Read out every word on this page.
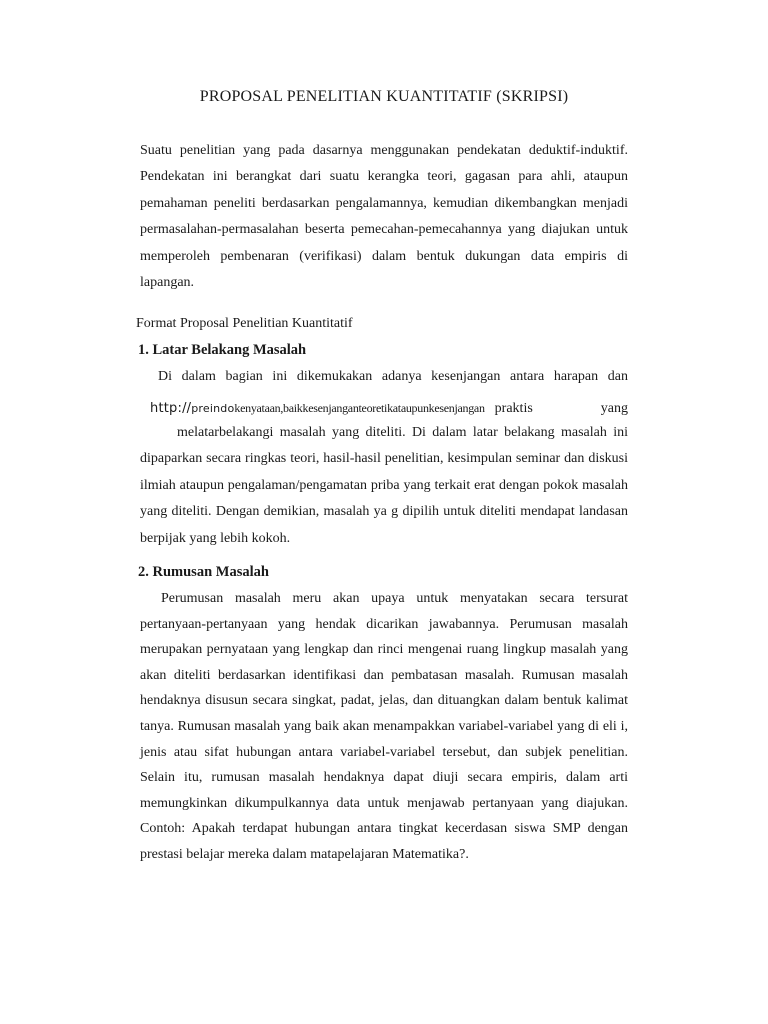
PROPOSAL PENELITIAN KUANTITATIF (SKRIPSI)

Suatu penelitian yang pada dasarnya menggunakan pendekatan deduktif-induktif. Pendekatan ini berangkat dari suatu kerangka teori, gagasan para ahli, ataupun pemahaman peneliti berdasarkan pengalamannya, kemudian dikembangkan menjadi permasalahan-permasalahan beserta pemecahan-pemecahannya yang diajukan untuk memperoleh pembenaran (verifikasi) dalam bentuk dukungan data empiris di lapangan.

Format Proposal Penelitian Kuantitatif

1. Latar Belakang Masalah

Di dalam bagian ini dikemukakan adanya kesenjangan antara harapan dan

http://preindo kenyataan,baikkesenjanganteoretikataupunkesenjangan praktis	yang

melatarbelakangi masalah yang diteliti. Di dalam latar belakang masalah ini dipaparkan secara ringkas teori, hasil-hasil penelitian, kesimpulan seminar dan diskusi ilmiah ataupun pengalaman/pengamatan priba yang terkait erat dengan pokok masalah yang diteliti. Dengan demikian, masalah ya g dipilih untuk diteliti mendapat landasan berpijak yang lebih kokoh.

2. Rumusan Masalah

Perumusan masalah meru akan upaya untuk menyatakan secara tersurat pertanyaan-pertanyaan yang hendak dicarikan jawabannya. Perumusan masalah merupakan pernyataan yang lengkap dan rinci mengenai ruang lingkup masalah yang akan diteliti berdasarkan identifikasi dan pembatasan masalah. Rumusan masalah hendaknya disusun secara singkat, padat, jelas, dan dituangkan dalam bentuk kalimat tanya. Rumusan masalah yang baik akan menampakkan variabel-variabel yang di eli i, jenis atau sifat hubungan antara variabel-variabel tersebut, dan subjek penelitian. Selain itu, rumusan masalah hendaknya dapat diuji secara empiris, dalam arti memungkinkan dikumpulkannya data untuk menjawab pertanyaan yang diajukan. Contoh: Apakah terdapat hubungan antara tingkat kecerdasan siswa SMP dengan prestasi belajar mereka dalam matapelajaran Matematika?.
